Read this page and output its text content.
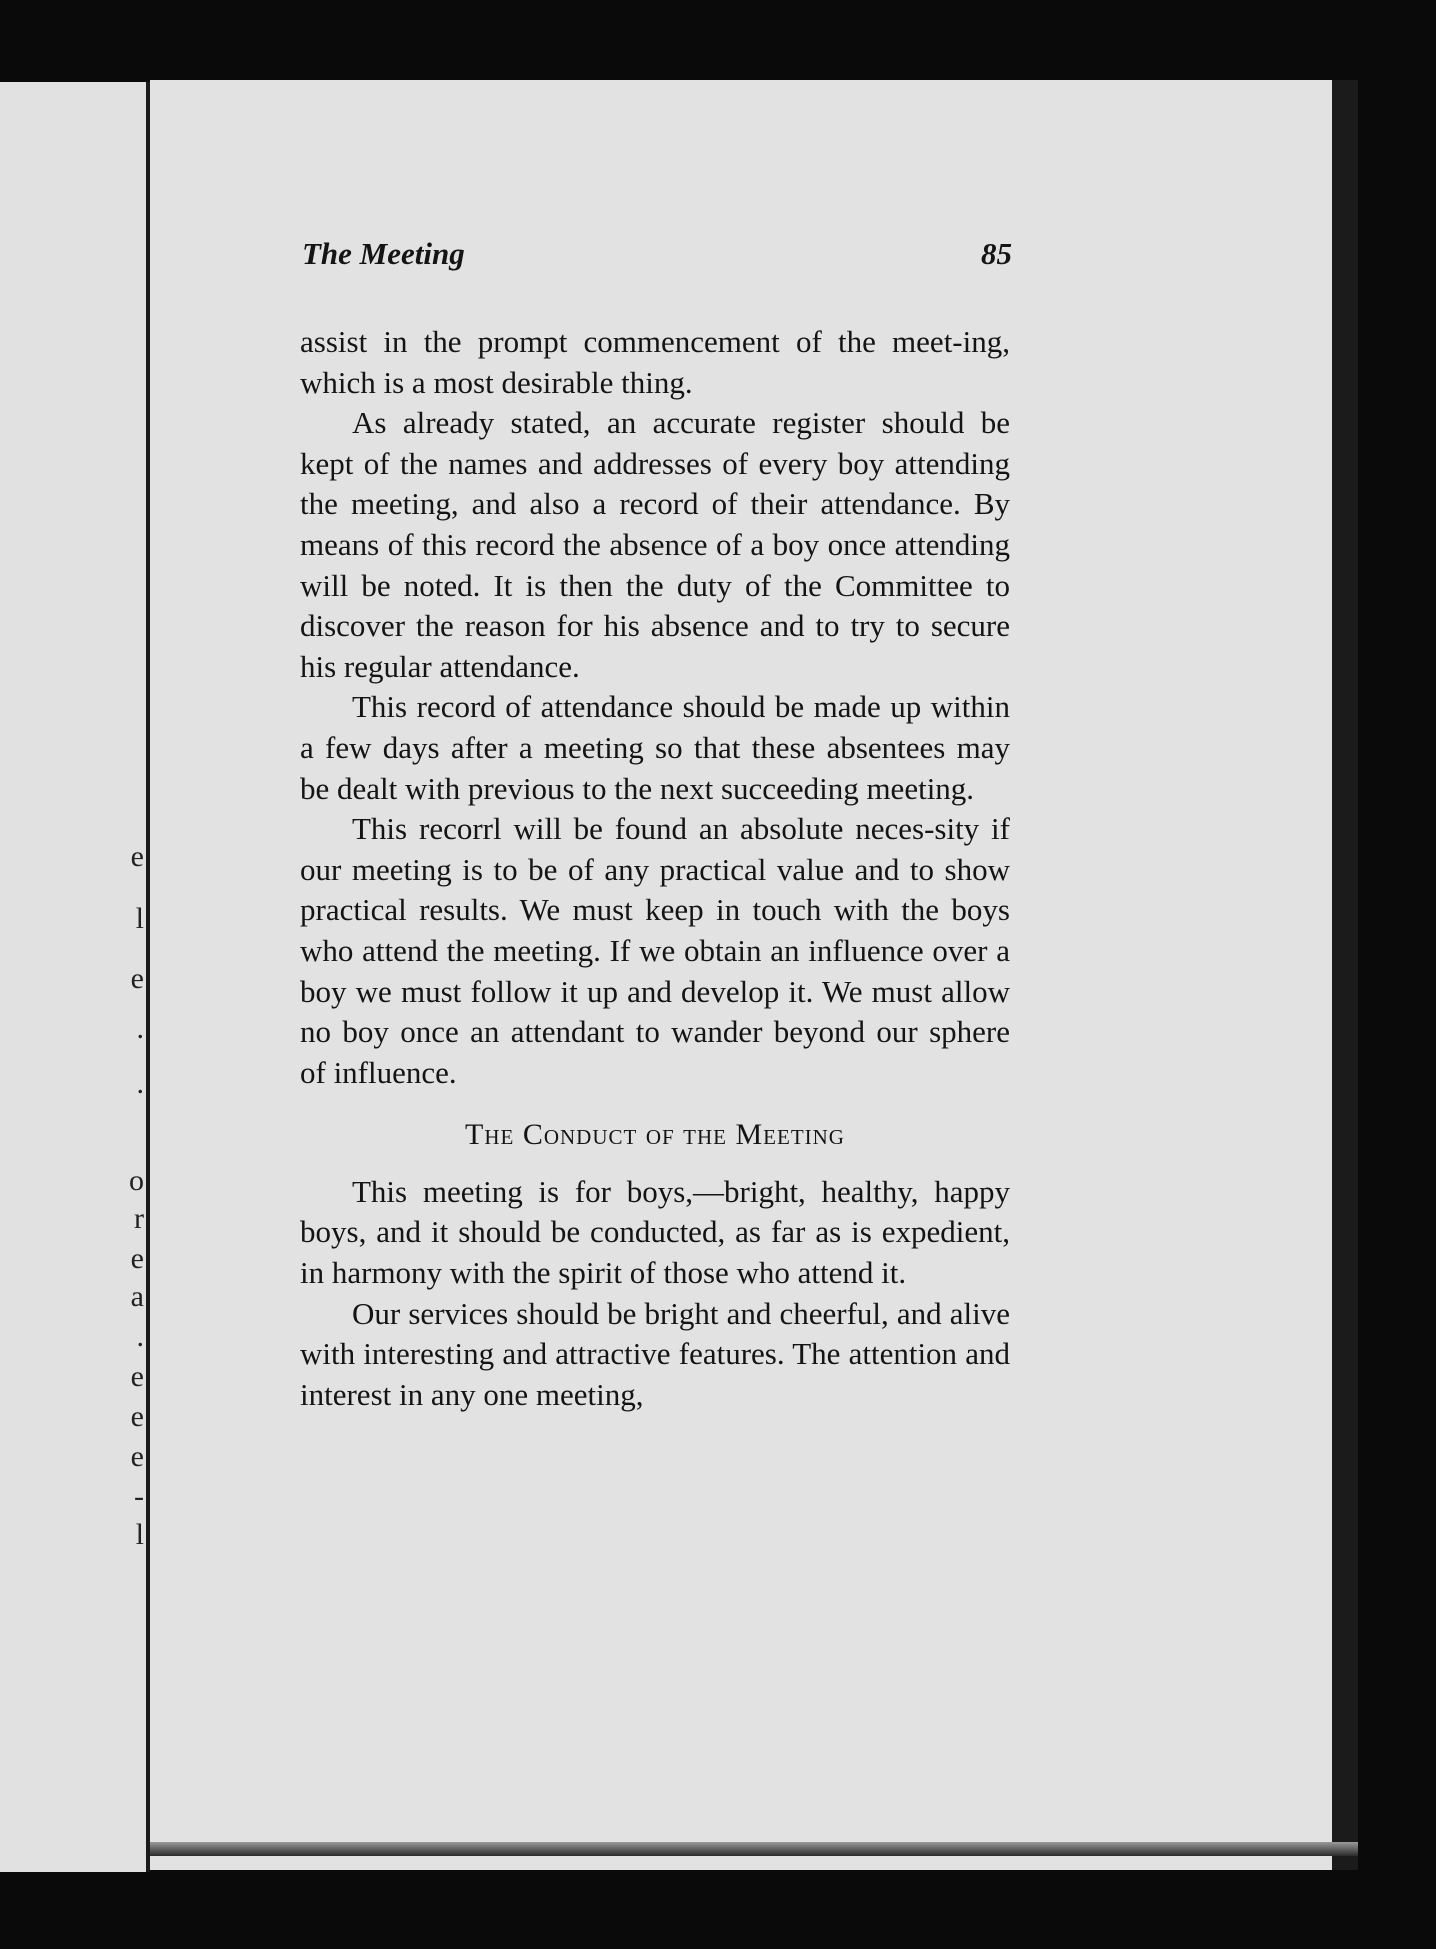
e
l
e
.
.
o
r
e
a
.
e
e
e
-
l
The Meeting	85

assist in the prompt commencement of the meet-ing, which is a most desirable thing.

As already stated, an accurate register should be kept of the names and addresses of every boy attending the meeting, and also a record of their attendance. By means of this record the absence of a boy once attending will be noted. It is then the duty of the Committee to discover the reason for his absence and to try to secure his regular attendance.

This record of attendance should be made up within a few days after a meeting so that these absentees may be dealt with previous to the next succeeding meeting.

This recorrl will be found an absolute neces-sity if our meeting is to be of any practical value and to show practical results. We must keep in touch with the boys who attend the meeting. If we obtain an influence over a boy we must follow it up and develop it. We must allow no boy once an attendant to wander beyond our sphere of influence.

The Conduct of the Meeting

This meeting is for boys,—bright, healthy, happy boys, and it should be conducted, as far as is expedient, in harmony with the spirit of those who attend it.

Our services should be bright and cheerful, and alive with interesting and attractive features. The attention and interest in any one meeting,
